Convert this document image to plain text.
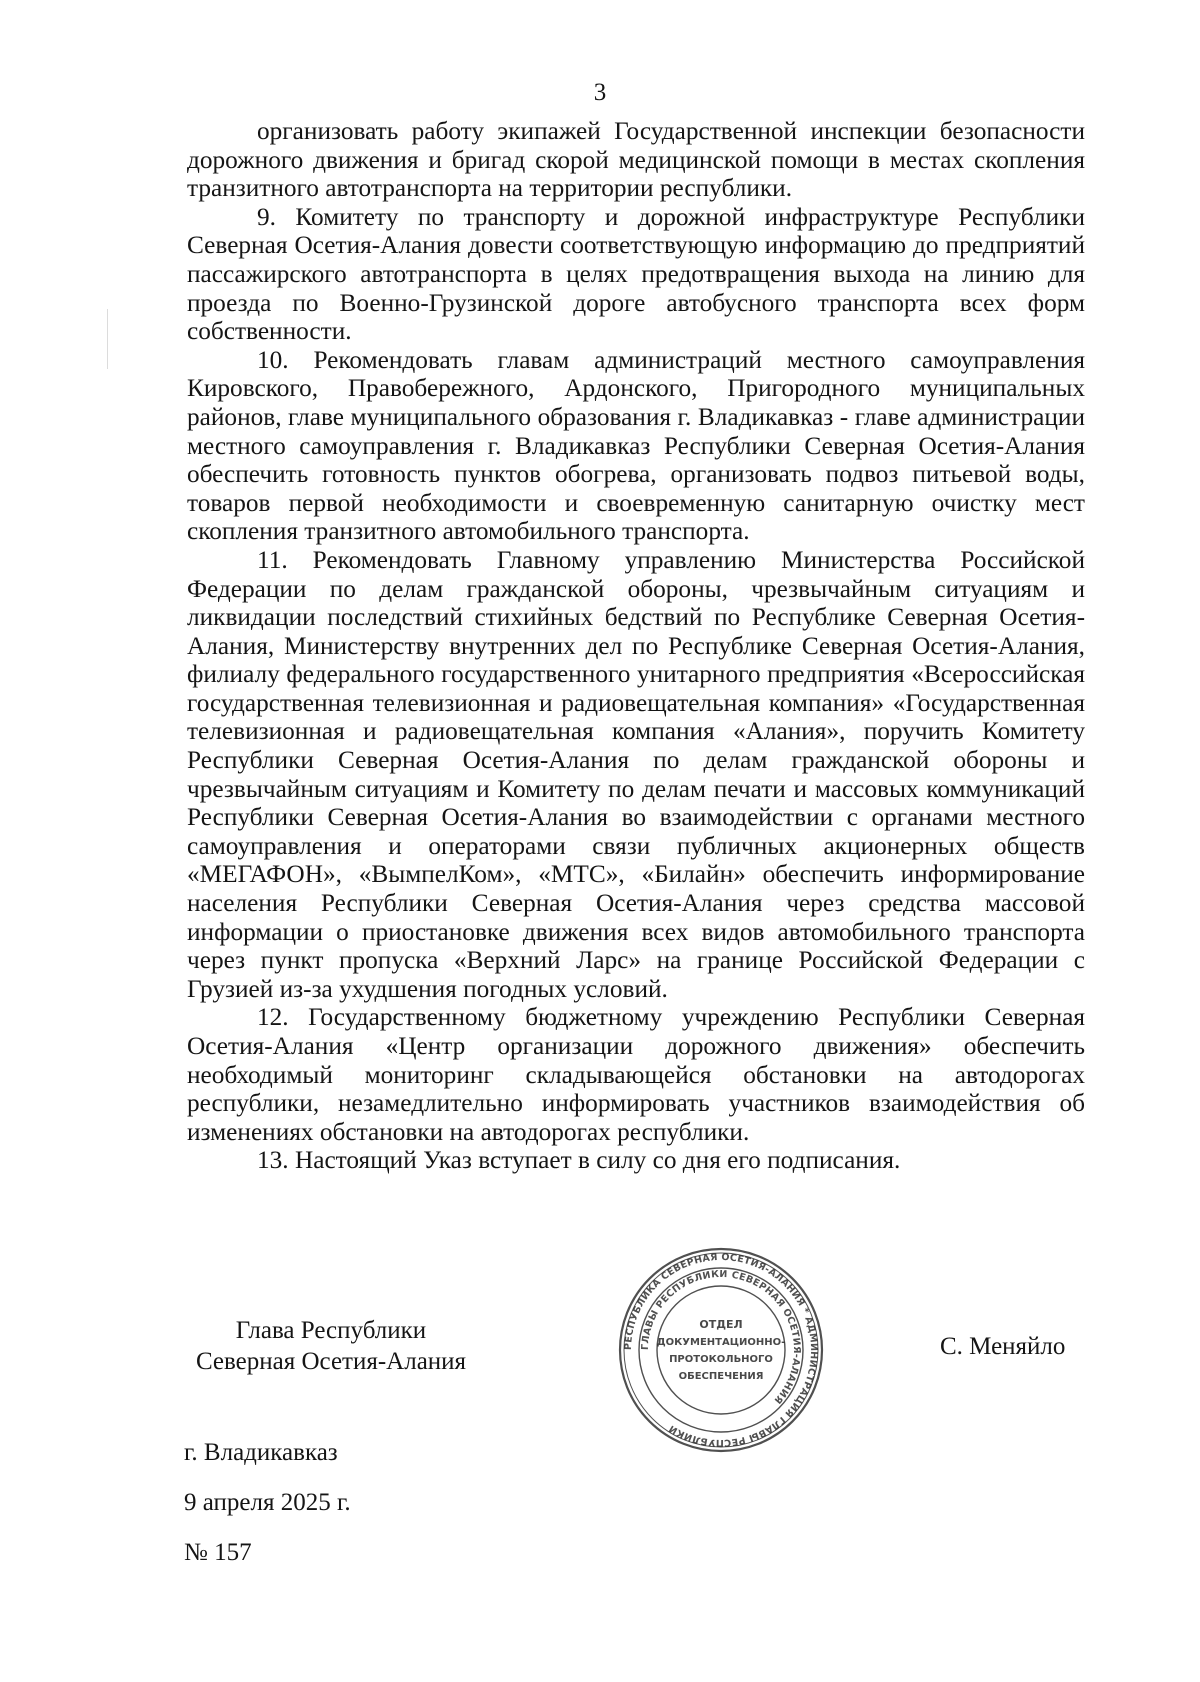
3

организовать работу экипажей Государственной инспекции безопасности дорожного движения и бригад скорой медицинской помощи в местах скопления транзитного автотранспорта на территории республики.

9. Комитету по транспорту и дорожной инфраструктуре Республики Северная Осетия-Алания довести соответствующую информацию до предприятий пассажирского автотранспорта в целях предотвращения выхода на линию для проезда по Военно-Грузинской дороге автобусного транспорта всех форм собственности.

10. Рекомендовать главам администраций местного самоуправления Кировского, Правобережного, Ардонского, Пригородного муниципальных районов, главе муниципального образования г. Владикавказ - главе администрации местного самоуправления г. Владикавказ Республики Северная Осетия-Алания обеспечить готовность пунктов обогрева, организовать подвоз питьевой воды, товаров первой необходимости и своевременную санитарную очистку мест скопления транзитного автомобильного транспорта.

11. Рекомендовать Главному управлению Министерства Российской Федерации по делам гражданской обороны, чрезвычайным ситуациям и ликвидации последствий стихийных бедствий по Республике Северная Осетия-Алания, Министерству внутренних дел по Республике Северная Осетия-Алания, филиалу федерального государственного унитарного предприятия «Всероссийская государственная телевизионная и радиовещательная компания» «Государственная телевизионная и радиовещательная компания «Алания», поручить Комитету Республики Северная Осетия-Алания по делам гражданской обороны и чрезвычайным ситуациям и Комитету по делам печати и массовых коммуникаций Республики Северная Осетия-Алания во взаимодействии с органами местного самоуправления и операторами связи публичных акционерных обществ «МЕГАФОН», «ВымпелКом», «МТС», «Билайн» обеспечить информирование населения Республики Северная Осетия-Алания через средства массовой информации о приостановке движения всех видов автомобильного транспорта через пункт пропуска «Верхний Ларс» на границе Российской Федерации с Грузией из-за ухудшения погодных условий.

12. Государственному бюджетному учреждению Республики Северная Осетия-Алания «Центр организации дорожного движения» обеспечить необходимый мониторинг складывающейся обстановки на автодорогах республики, незамедлительно информировать участников взаимодействия об изменениях обстановки на автодорогах республики.

13. Настоящий Указ вступает в силу со дня его подписания.

Глава Республики
Северная Осетия-Алания
РЕСПУБЛИКА СЕВЕРНАЯ ОСЕТИЯ-АЛАНИЯ * АДМИНИСТРАЦИЯ ГЛАВЫ РЕСПУБЛИКИ
ГЛАВЫ РЕСПУБЛИКИ СЕВЕРНАЯ ОСЕТИЯ-АЛАНИЯ
ОТДЕЛ
ДОКУМЕНТАЦИОННО-
ПРОТОКОЛЬНОГО
ОБЕСПЕЧЕНИЯ
С. Меняйло
г. Владикавказ
9 апреля 2025 г.
№ 157
